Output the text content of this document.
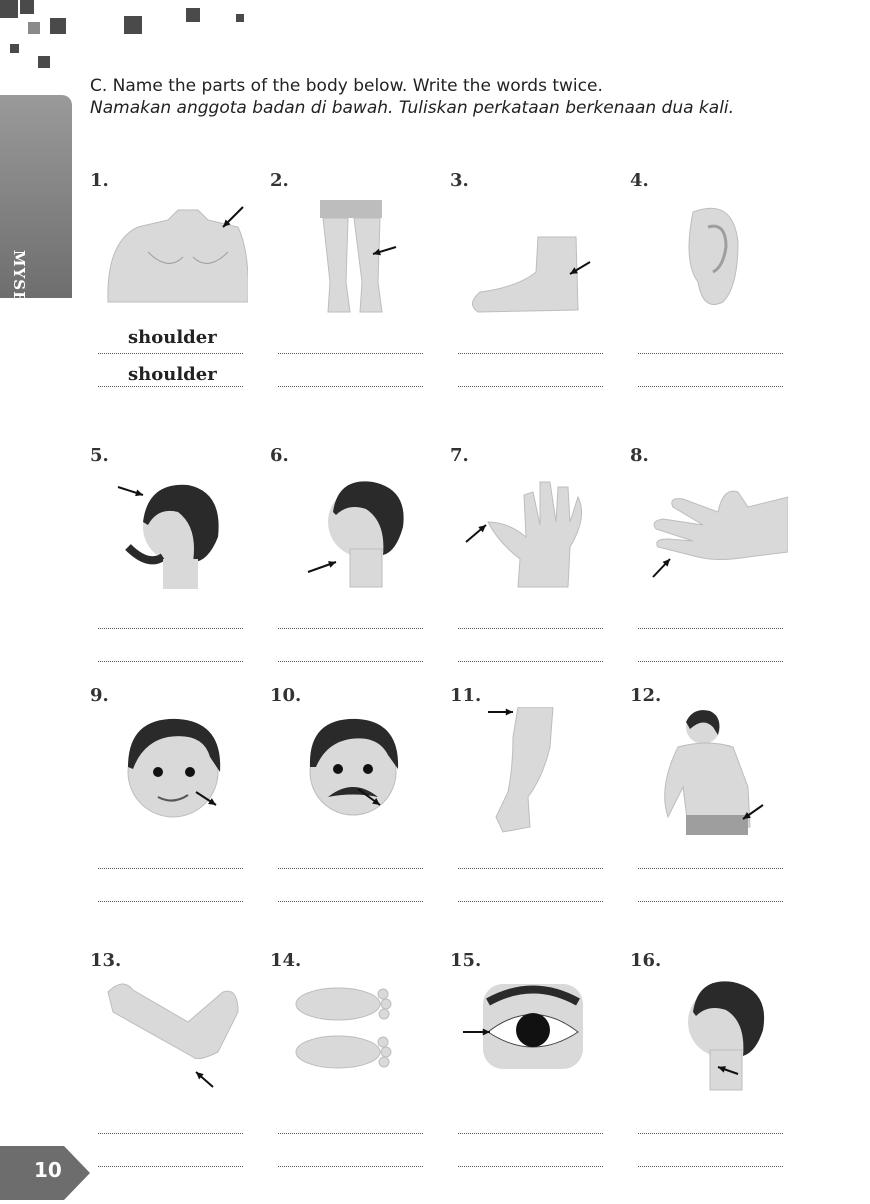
MYSELF
C. Name the parts of the body below. Write the words twice.
Namakan anggota badan di bawah. Tuliskan perkataan berkenaan dua kali.
1.
shoulder
shoulder
2.	3.	4.
5.	6.	7.	8.
9.	10.	11.	12.
13.	14.	15.	16.
10
